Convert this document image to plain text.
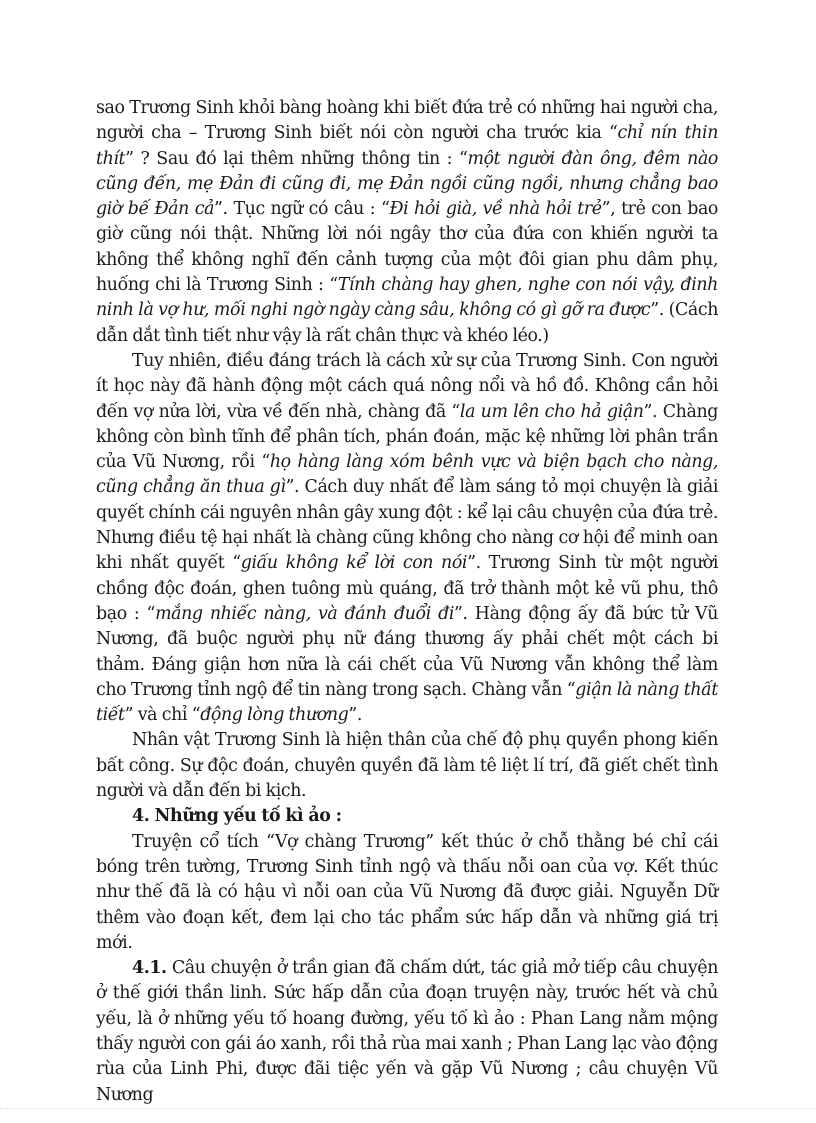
sao Trương Sinh khỏi bàng hoàng khi biết đứa trẻ có những hai người cha, người cha – Trương Sinh biết nói còn người cha trước kia “chỉ nín thin thít” ? Sau đó lại thêm những thông tin : “một người đàn ông, đêm nào cũng đến, mẹ Đản đi cũng đi, mẹ Đản ngồi cũng ngồi, nhưng chẳng bao giờ bế Đản cả”. Tục ngữ có câu : “Đi hỏi già, về nhà hỏi trẻ”, trẻ con bao giờ cũng nói thật. Những lời nói ngây thơ của đứa con khiến người ta không thể không nghĩ đến cảnh tượng của một đôi gian phu dâm phụ, huống chi là Trương Sinh : “Tính chàng hay ghen, nghe con nói vậy, đinh ninh là vợ hư, mối nghi ngờ ngày càng sâu, không có gì gỡ ra được”. (Cách dẫn dắt tình tiết như vậy là rất chân thực và khéo léo.)

Tuy nhiên, điều đáng trách là cách xử sự của Trương Sinh. Con người ít học này đã hành động một cách quá nông nổi và hồ đồ. Không cần hỏi đến vợ nửa lời, vừa về đến nhà, chàng đã “la um lên cho hả giận”. Chàng không còn bình tĩnh để phân tích, phán đoán, mặc kệ những lời phân trần của Vũ Nương, rồi “họ hàng làng xóm bênh vực và biện bạch cho nàng, cũng chẳng ăn thua gì”. Cách duy nhất để làm sáng tỏ mọi chuyện là giải quyết chính cái nguyên nhân gây xung đột : kể lại câu chuyện của đứa trẻ. Nhưng điều tệ hại nhất là chàng cũng không cho nàng cơ hội để minh oan khi nhất quyết “giấu không kể lời con nói”. Trương Sinh từ một người chồng độc đoán, ghen tuông mù quáng, đã trở thành một kẻ vũ phu, thô bạo : “mắng nhiếc nàng, và đánh đuổi đi”. Hàng động ấy đã bức tử Vũ Nương, đã buộc người phụ nữ đáng thương ấy phải chết một cách bi thảm. Đáng giận hơn nữa là cái chết của Vũ Nương vẫn không thể làm cho Trương tỉnh ngộ để tin nàng trong sạch. Chàng vẫn “giận là nàng thất tiết” và chỉ “động lòng thương”.

Nhân vật Trương Sinh là hiện thân của chế độ phụ quyền phong kiến bất công. Sự độc đoán, chuyên quyền đã làm tê liệt lí trí, đã giết chết tình người và dẫn đến bi kịch.

4. Những yếu tố kì ảo :

Truyện cổ tích “Vợ chàng Trương” kết thúc ở chỗ thằng bé chỉ cái bóng trên tường, Trương Sinh tỉnh ngộ và thấu nỗi oan của vợ. Kết thúc như thế đã là có hậu vì nỗi oan của Vũ Nương đã được giải. Nguyễn Dữ thêm vào đoạn kết, đem lại cho tác phẩm sức hấp dẫn và những giá trị mới.

4.1. Câu chuyện ở trần gian đã chấm dứt, tác giả mở tiếp câu chuyện ở thế giới thần linh. Sức hấp dẫn của đoạn truyện này, trước hết và chủ yếu, là ở những yếu tố hoang đường, yếu tố kì ảo : Phan Lang nằm mộng thấy người con gái áo xanh, rồi thả rùa mai xanh ; Phan Lang lạc vào động rùa của Linh Phi, được đãi tiệc yến và gặp Vũ Nương ; câu chuyện Vũ Nương
